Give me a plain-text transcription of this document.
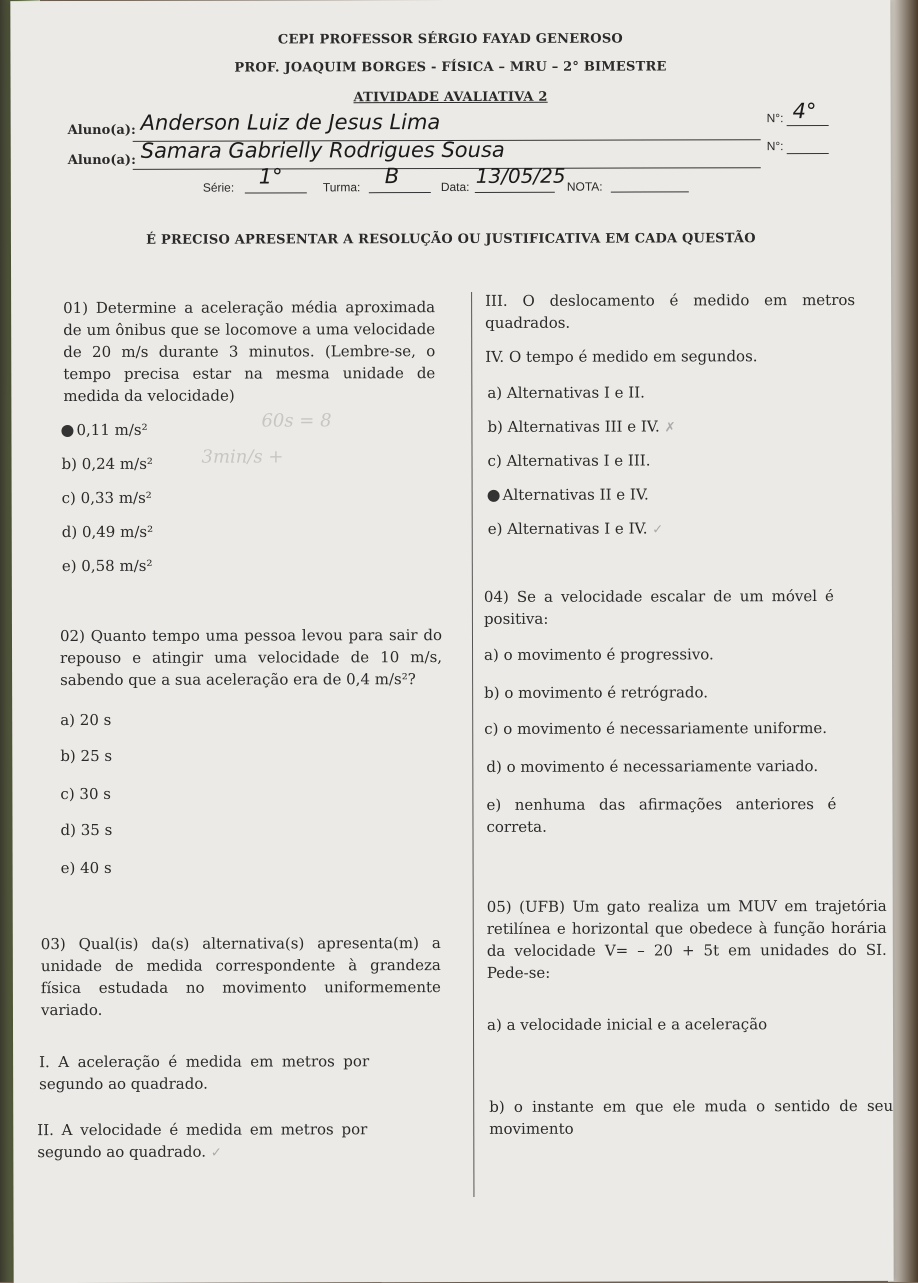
CEPI PROFESSOR SÉRGIO FAYAD GENEROSO
PROF. JOAQUIM BORGES - FÍSICA – MRU – 2° BIMESTRE
ATIVIDADE AVALIATIVA 2
Aluno(a): Anderson Luiz de Jesus Lima	N°: 4°
Aluno(a): Samara Gabrielly Rodrigues Sousa	N°:
Série: 1°	Turma: B	Data: 13/05/25 NOTA:
É PRECISO APRESENTAR A RESOLUÇÃO OU JUSTIFICATIVA EM CADA QUESTÃO
01) Determine a aceleração média aproximada de um ônibus que se locomove a uma velocidade de 20 m/s durante 3 minutos. (Lembre-se, o tempo precisa estar na mesma unidade de medida da velocidade)
0,11 m/s²	60s = 8
b) 0,24 m/s²	3min/s +
c) 0,33 m/s²
d) 0,49 m/s²
e) 0,58 m/s²
02) Quanto tempo uma pessoa levou para sair do repouso e atingir uma velocidade de 10 m/s, sabendo que a sua aceleração era de 0,4 m/s²?
a) 20 s
b) 25 s
c) 30 s
d) 35 s
e) 40 s
03) Qual(is) da(s) alternativa(s) apresenta(m) a unidade de medida correspondente à grandeza física estudada no movimento uniformemente variado.
I. A aceleração é medida em metros por segundo ao quadrado.
II. A velocidade é medida em metros por segundo ao quadrado. ✓
III. O deslocamento é medido em metros quadrados.
IV. O tempo é medido em segundos.
a) Alternativas I e II.
b) Alternativas III e IV. ✗
c) Alternativas I e III.
Alternativas II e IV.
e) Alternativas I e IV. ✓
04) Se a velocidade escalar de um móvel é positiva:
a) o movimento é progressivo.
b) o movimento é retrógrado.
c) o movimento é necessariamente uniforme.
d) o movimento é necessariamente variado.
e) nenhuma das afirmações anteriores é correta.
05) (UFB) Um gato realiza um MUV em trajetória retilínea e horizontal que obedece à função horária da velocidade V= – 20 + 5t em unidades do SI. Pede-se:
a) a velocidade inicial e a aceleração
b) o instante em que ele muda o sentido de seu movimento
